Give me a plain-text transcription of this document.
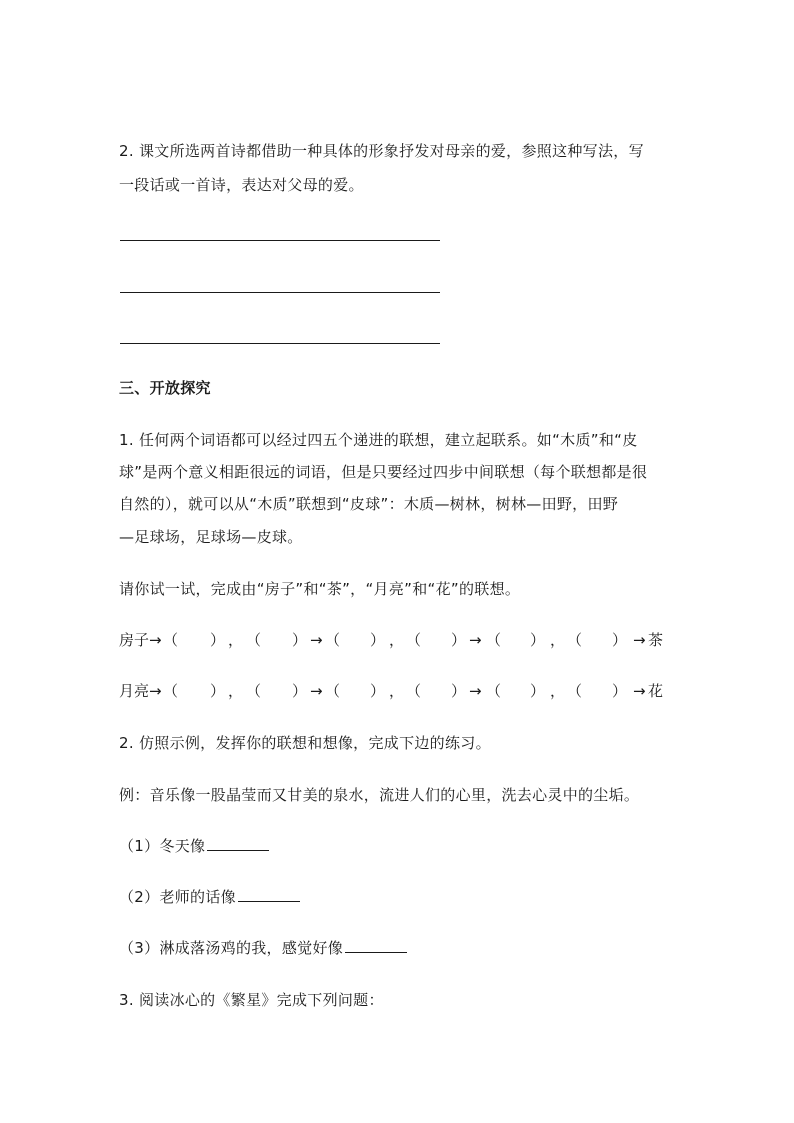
2. 课文所选两首诗都借助一种具体的形象抒发对母亲的爱，参照这种写法，写
一段话或一首诗，表达对父母的爱。
三、开放探究
1. 任何两个词语都可以经过四五个递进的联想，建立起联系。如“木质”和“皮
球”是两个意义相距很远的词语，但是只要经过四步中间联想（每个联想都是很
自然的），就可以从“木质”联想到“皮球”：木质—树林，树林—田野，田野
—足球场，足球场—皮球。
请你试一试，完成由“房子”和“茶”，“月亮”和“花”的联想。
房子 → （ ） ， （ ） → （ ） ， （ ） → （ ） ， （ ） → 茶
月亮 → （ ） ， （ ） → （ ） ， （ ） → （ ） ， （ ） → 花
2. 仿照示例，发挥你的联想和想像，完成下边的练习。
例：音乐像一股晶莹而又甘美的泉水，流进人们的心里，洗去心灵中的尘垢。
（1）冬天像
（2）老师的话像
（3）淋成落汤鸡的我，感觉好像
3. 阅读冰心的《繁星》完成下列问题：
